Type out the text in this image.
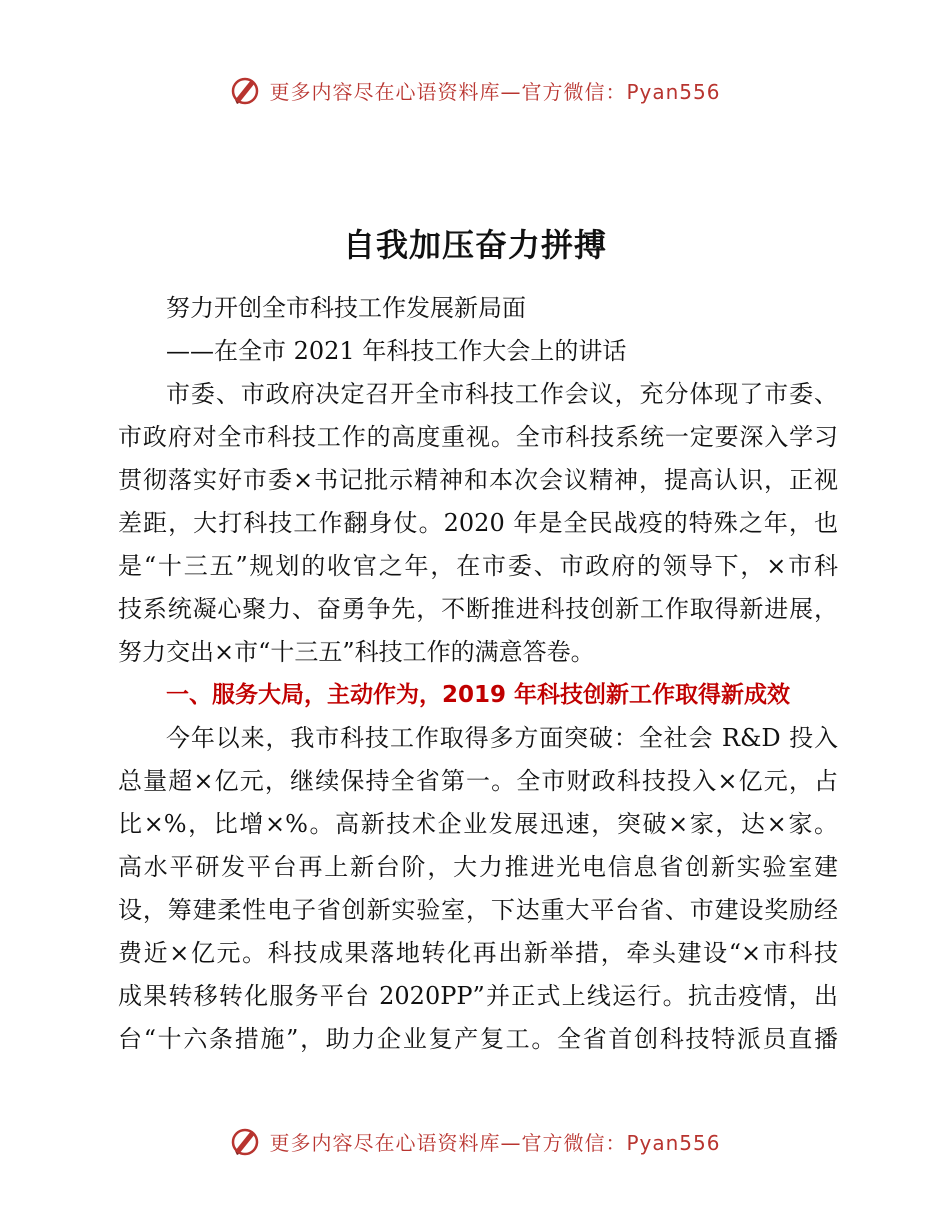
更多内容尽在心语资料库—官方微信：Pyan556
自我加压奋力拼搏

努力开创全市科技工作发展新局面

——在全市 2021 年科技工作大会上的讲话

市委、市政府决定召开全市科技工作会议，充分体现了市委、
市政府对全市科技工作的高度重视。全市科技系统一定要深入学习
贯彻落实好市委×书记批示精神和本次会议精神，提高认识，正视
差距，大打科技工作翻身仗。2020 年是全民战疫的特殊之年，也
是“十三五”规划的收官之年，在市委、市政府的领导下，×市科
技系统凝心聚力、奋勇争先，不断推进科技创新工作取得新进展，
努力交出×市“十三五”科技工作的满意答卷。

一、服务大局，主动作为，2019 年科技创新工作取得新成效

今年以来，我市科技工作取得多方面突破：全社会 R&D 投入
总量超×亿元，继续保持全省第一。全市财政科技投入×亿元，占
比×%，比增×%。高新技术企业发展迅速，突破×家，达×家。
高水平研发平台再上新台阶，大力推进光电信息省创新实验室建
设，筹建柔性电子省创新实验室，下达重大平台省、市建设奖励经
费近×亿元。科技成果落地转化再出新举措，牵头建设“×市科技
成果转移转化服务平台 2020PP”并正式上线运行。抗击疫情，出
台“十六条措施”，助力企业复产复工。全省首创科技特派员直播
更多内容尽在心语资料库—官方微信：Pyan556
